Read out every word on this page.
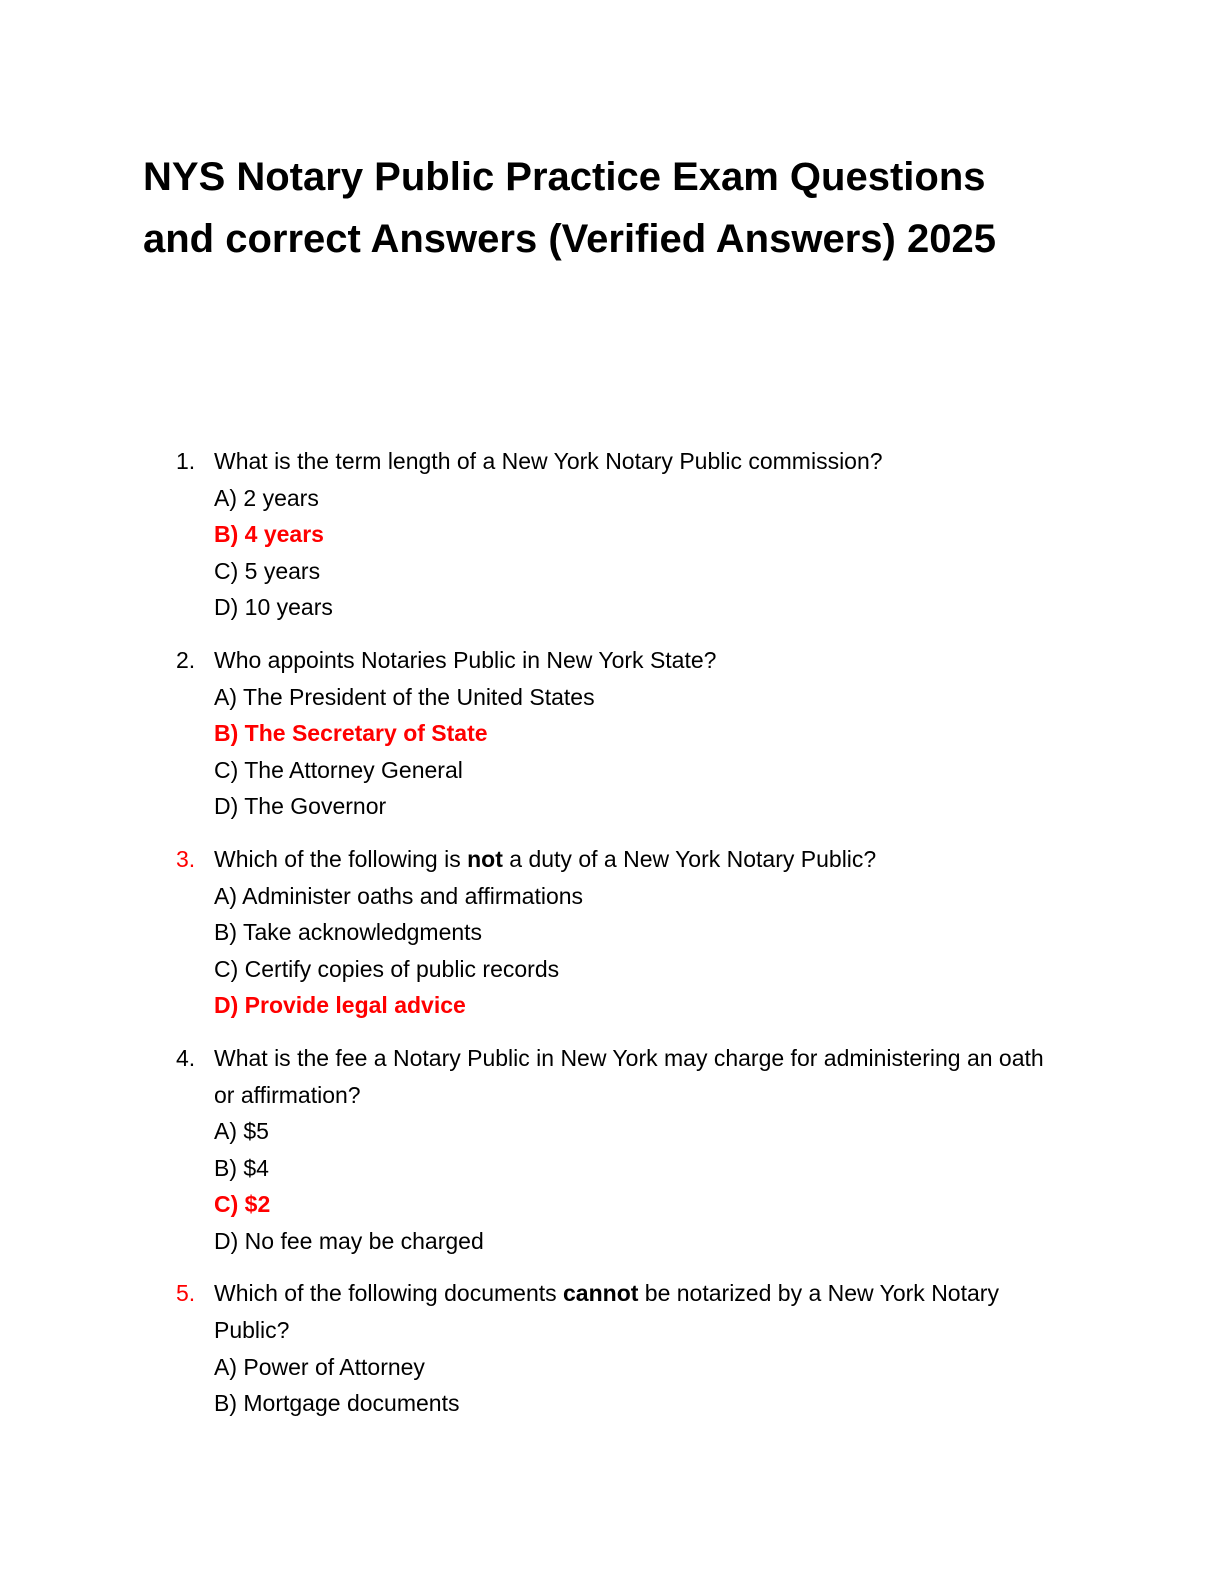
NYS Notary Public Practice Exam Questions
and correct Answers (Verified Answers) 2025
1. What is the term length of a New York Notary Public commission?
A) 2 years
B) 4 years
C) 5 years
D) 10 years
2. Who appoints Notaries Public in New York State?
A) The President of the United States
B) The Secretary of State
C) The Attorney General
D) The Governor
3. Which of the following is not a duty of a New York Notary Public?
A) Administer oaths and affirmations
B) Take acknowledgments
C) Certify copies of public records
D) Provide legal advice
4. What is the fee a Notary Public in New York may charge for administering an oath or affirmation?
A) $5
B) $4
C) $2
D) No fee may be charged
5. Which of the following documents cannot be notarized by a New York Notary Public?
A) Power of Attorney
B) Mortgage documents
